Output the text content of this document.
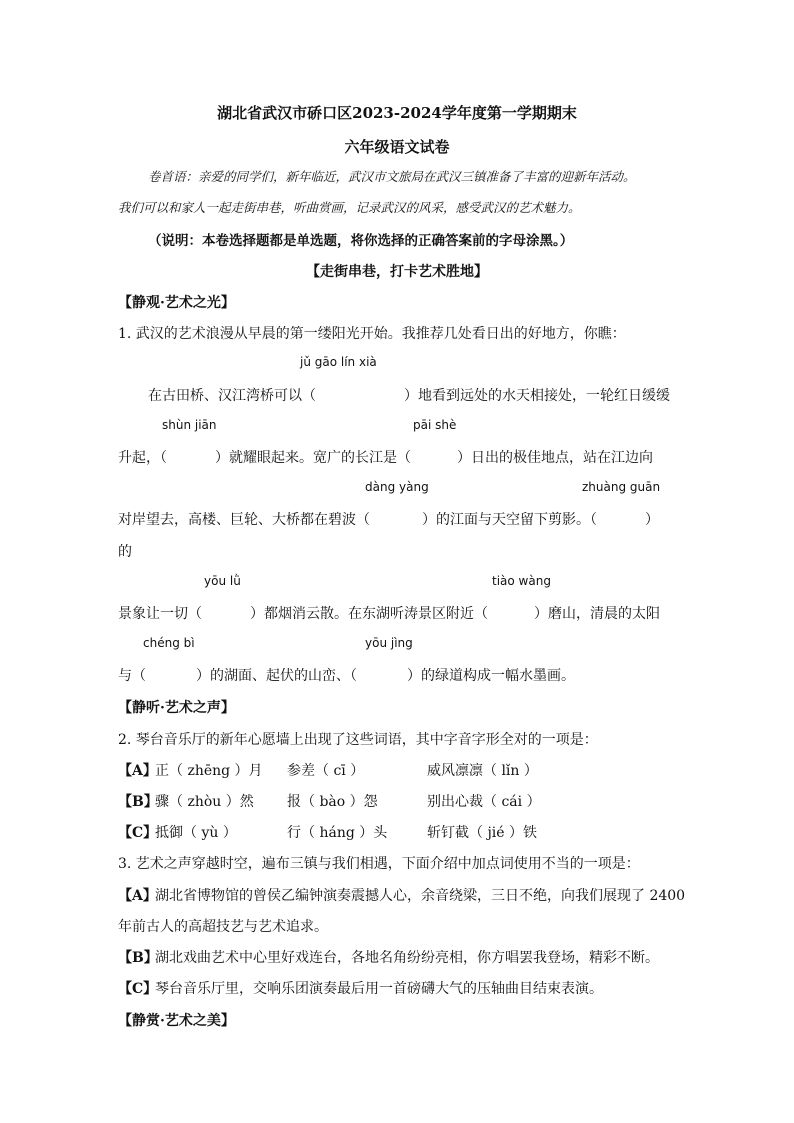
湖北省武汉市硚口区2023-2024学年度第一学期期末
六年级语文试卷
卷首语：亲爱的同学们，新年临近，武汉市文旅局在武汉三镇准备了丰富的迎新年活动。
我们可以和家人一起走街串巷，听曲赏画，记录武汉的风采，感受武汉的艺术魅力。
（说明：本卷选择题都是单选题，将你选择的正确答案前的字母涂黑。）
【走街串巷，打卡艺术胜地】
【静观·艺术之光】
1. 武汉的艺术浪漫从早晨的第一缕阳光开始。我推荐几处看日出的好地方，你瞧：
jǔ gāo lín xià
在古田桥、汉江湾桥可以（	）地看到远处的水天相接处，一轮红日缓缓
shùn jiān	pāi shè
升起，（	）就耀眼起来。宽广的长江是（	）日出的极佳地点，站在江边向
dàng yàng	zhuàng guān
对岸望去，高楼、巨轮、大桥都在碧波（	）的江面与天空留下剪影。（	）
的
yōu lǜ	tiào wàng
景象让一切（	）都烟消云散。在东湖听涛景区附近（	）磨山，清晨的太阳
chéng bì	yōu jìng
与（	）的湖面、起伏的山峦、（	）的绿道构成一幅水墨画。
【静听·艺术之声】
2. 琴台音乐厅的新年心愿墙上出现了这些词语，其中字音字形全对的一项是：
【A】
正（ zhēng ）月 参差（ cī ）	威风凛凛（ lǐn ）
【B】
骤（ zhòu ）然 报（ bào ）怨	别出心裁（ cái ）
【C】
抵御（ yù ）	行（ háng ）头	斩钉截（ jié ）铁
3. 艺术之声穿越时空，遍布三镇与我们相遇，下面介绍中加点词使用不当的一项是：
【A】
湖北省博物馆的曾侯乙编钟演奏震撼人心，余音绕梁，三日不绝，向我们展现了 2400
年前古人的高超技艺与艺术追求。
【B】
湖北戏曲艺术中心里好戏连台，各地名角纷纷亮相，你方唱罢我登场，精彩不断。
【C】
琴台音乐厅里，交响乐团演奏最后用一首磅礴大气的压轴曲目结束表演。
【静赏·艺术之美】
